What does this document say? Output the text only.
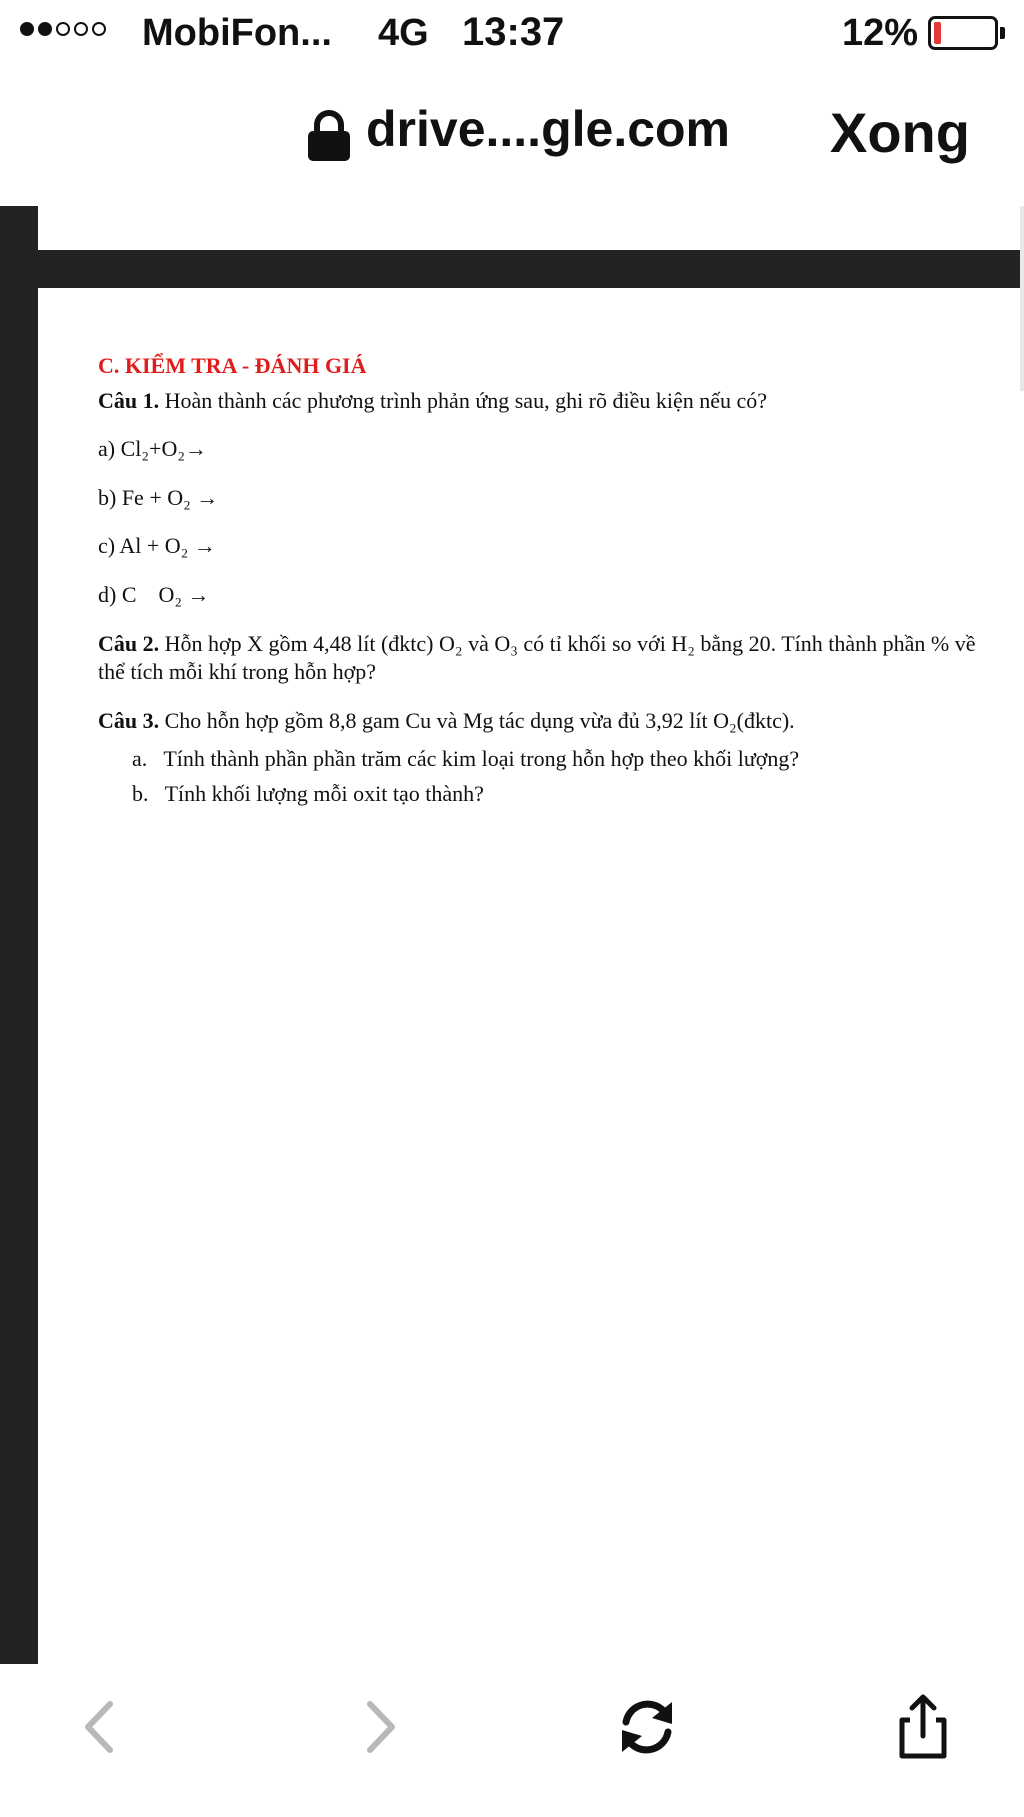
MobiFon... 4G 13:37	12%
drive....gle.com Xong
C. KIỂM TRA - ĐÁNH GIÁ
Câu 1. Hoàn thành các phương trình phản ứng sau, ghi rõ điều kiện nếu có?
a) Cl₂+O₂→
b) Fe + O₂ →
c) Al + O₂ →
d) C    O₂ →
Câu 2. Hỗn hợp X gồm 4,48 lít (đktc) O₂ và O₃ có tỉ khối so với H₂ bằng 20. Tính thành phần % về thể tích mỗi khí trong hỗn hợp?
Câu 3. Cho hỗn hợp gồm 8,8 gam Cu và Mg tác dụng vừa đủ 3,92 lít O₂(đktc).
a.   Tính thành phần phần trăm các kim loại trong hỗn hợp theo khối lượng?
b.   Tính khối lượng mỗi oxit tạo thành?
